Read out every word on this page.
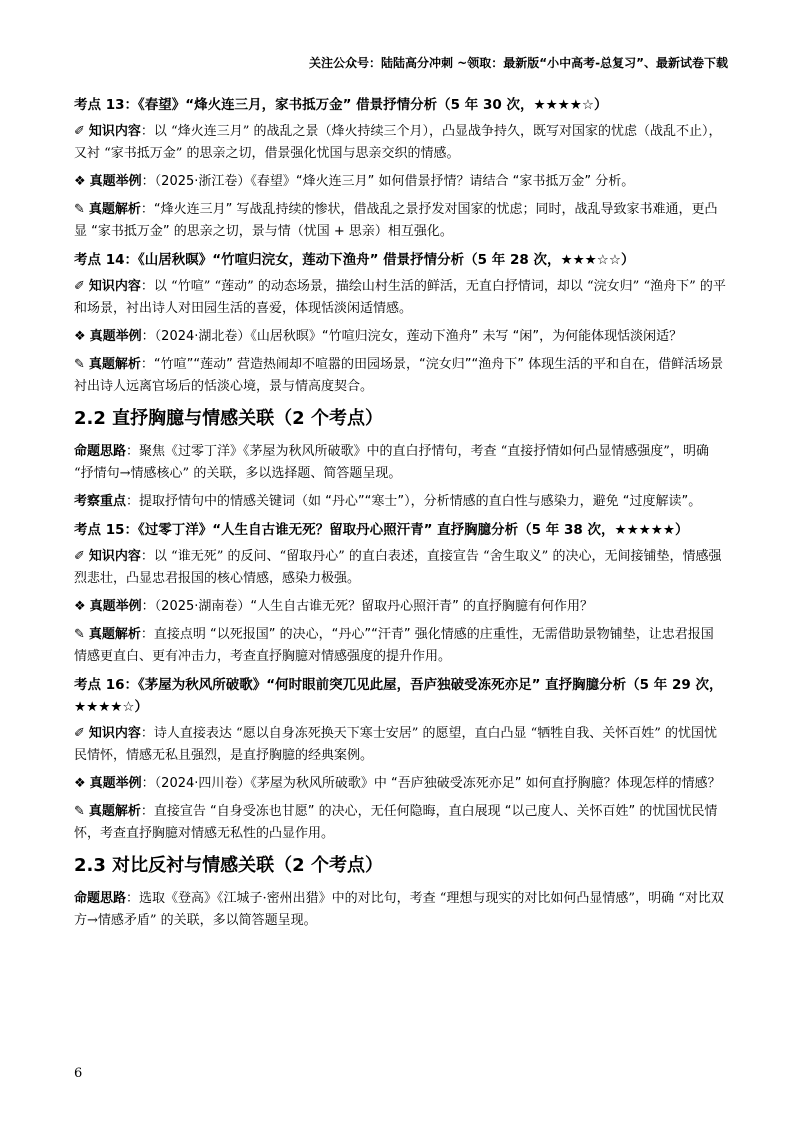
关注公众号：陆陆高分冲刺 ~领取：最新版“小中高考-总复习”、最新试卷下载

考点 13：《春望》“烽火连三月，家书抵万金” 借景抒情分析（5 年 30 次，★★★★☆）

✐ 知识内容：以 “烽火连三月” 的战乱之景（烽火持续三个月），凸显战争持久，既写对国家的忧虑（战乱不止），又衬 “家书抵万金” 的思亲之切，借景强化忧国与思亲交织的情感。

❖ 真题举例：（2025·浙江卷）《春望》“烽火连三月” 如何借景抒情？请结合 “家书抵万金” 分析。

✎ 真题解析：“烽火连三月” 写战乱持续的惨状，借战乱之景抒发对国家的忧虑；同时，战乱导致家书难通，更凸显 “家书抵万金” 的思亲之切，景与情（忧国 + 思亲）相互强化。

考点 14：《山居秋暝》“竹喧归浣女，莲动下渔舟” 借景抒情分析（5 年 28 次，★★★☆☆）

✐ 知识内容：以 “竹喧” “莲动” 的动态场景，描绘山村生活的鲜活，无直白抒情词，却以 “浣女归” “渔舟下” 的平和场景，衬出诗人对田园生活的喜爱，体现恬淡闲适情感。

❖ 真题举例：（2024·湖北卷）《山居秋暝》“竹喧归浣女，莲动下渔舟” 未写 “闲”，为何能体现恬淡闲适？

✎ 真题解析：“竹喧”“莲动” 营造热闹却不喧嚣的田园场景，“浣女归”“渔舟下” 体现生活的平和自在，借鲜活场景衬出诗人远离官场后的恬淡心境，景与情高度契合。

2.2 直抒胸臆与情感关联（2 个考点）

命题思路：聚焦《过零丁洋》《茅屋为秋风所破歌》中的直白抒情句，考查 “直接抒情如何凸显情感强度”，明确 “抒情句→情感核心” 的关联，多以选择题、简答题呈现。

考察重点：提取抒情句中的情感关键词（如 “丹心”“寒士”），分析情感的直白性与感染力，避免 “过度解读”。

考点 15：《过零丁洋》“人生自古谁无死？留取丹心照汗青” 直抒胸臆分析（5 年 38 次，★★★★★）

✐ 知识内容：以 “谁无死” 的反问、“留取丹心” 的直白表述，直接宣告 “舍生取义” 的决心，无间接铺垫，情感强烈悲壮，凸显忠君报国的核心情感，感染力极强。

❖ 真题举例：（2025·湖南卷）“人生自古谁无死？留取丹心照汗青” 的直抒胸臆有何作用？

✎ 真题解析：直接点明 “以死报国” 的决心，“丹心”“汗青” 强化情感的庄重性，无需借助景物铺垫，让忠君报国情感更直白、更有冲击力，考查直抒胸臆对情感强度的提升作用。

考点 16：《茅屋为秋风所破歌》“何时眼前突兀见此屋，吾庐独破受冻死亦足” 直抒胸臆分析（5 年 29 次，★★★★☆）

✐ 知识内容：诗人直接表达 “愿以自身冻死换天下寒士安居” 的愿望，直白凸显 “牺牲自我、关怀百姓” 的忧国忧民情怀，情感无私且强烈，是直抒胸臆的经典案例。

❖ 真题举例：（2024·四川卷）《茅屋为秋风所破歌》中 “吾庐独破受冻死亦足” 如何直抒胸臆？体现怎样的情感？

✎ 真题解析：直接宣告 “自身受冻也甘愿” 的决心，无任何隐晦，直白展现 “以己度人、关怀百姓” 的忧国忧民情怀，考查直抒胸臆对情感无私性的凸显作用。

2.3 对比反衬与情感关联（2 个考点）

命题思路：选取《登高》《江城子·密州出猎》中的对比句，考查 “理想与现实的对比如何凸显情感”，明确 “对比双方→情感矛盾” 的关联，多以简答题呈现。

6
